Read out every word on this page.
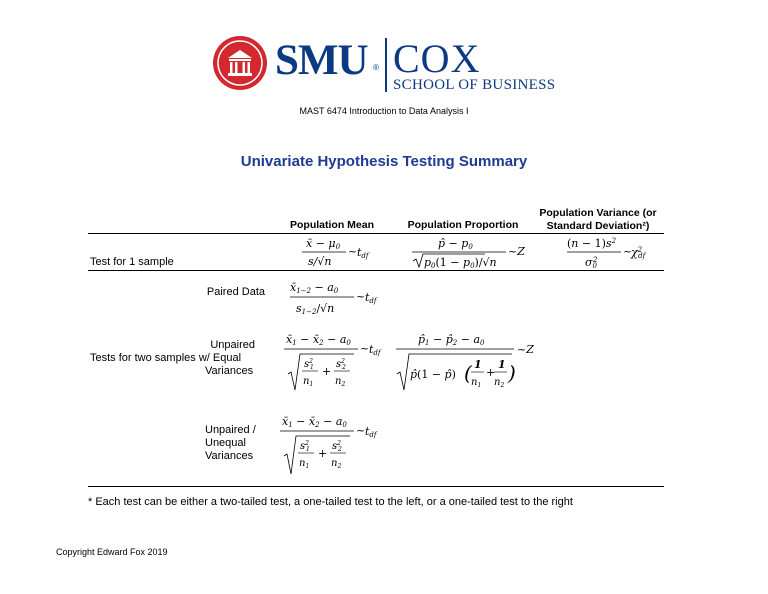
SMU ® COX
SCHOOL OF BUSINESS
MAST 6474 Introduction to Data Analysis I
Univariate Hypothesis Testing Summary
Population Mean	Population Proportion
Population Variance (or
Standard Deviation²)
Test for 1 sample
Paired Data
Unpaired
Tests for two samples w/ Equal
Variances
Unpaired /
Unequal
Variances
x̄ − μ0
s/√n
~ tdf
p̂ − p0
p0(1 − p0)/√n
~Z
$(n - 1)s^2$
σ02
~
$\chi^2$ df
x̄1−2 − a0
s1−2/√n
~ tdf
x̄1 − x̄2 − a0
$s^2$ 1
$n_1$
+
$s^2$ 2
$n_2$
~ tdf
p̂1 − p̂2 − a0
p̂(1 − p̂) ( 1
$n_1$
+
1
$n_2$
)
~Z
x̄1 − x̄2 − a0
$s^2$ 1
$n_1$
+
$s^2$ 2
$n_2$
~ tdf
* Each test can be either a two-tailed test, a one-tailed test to the left, or a one-tailed test to the right
Copyright Edward Fox 2019
